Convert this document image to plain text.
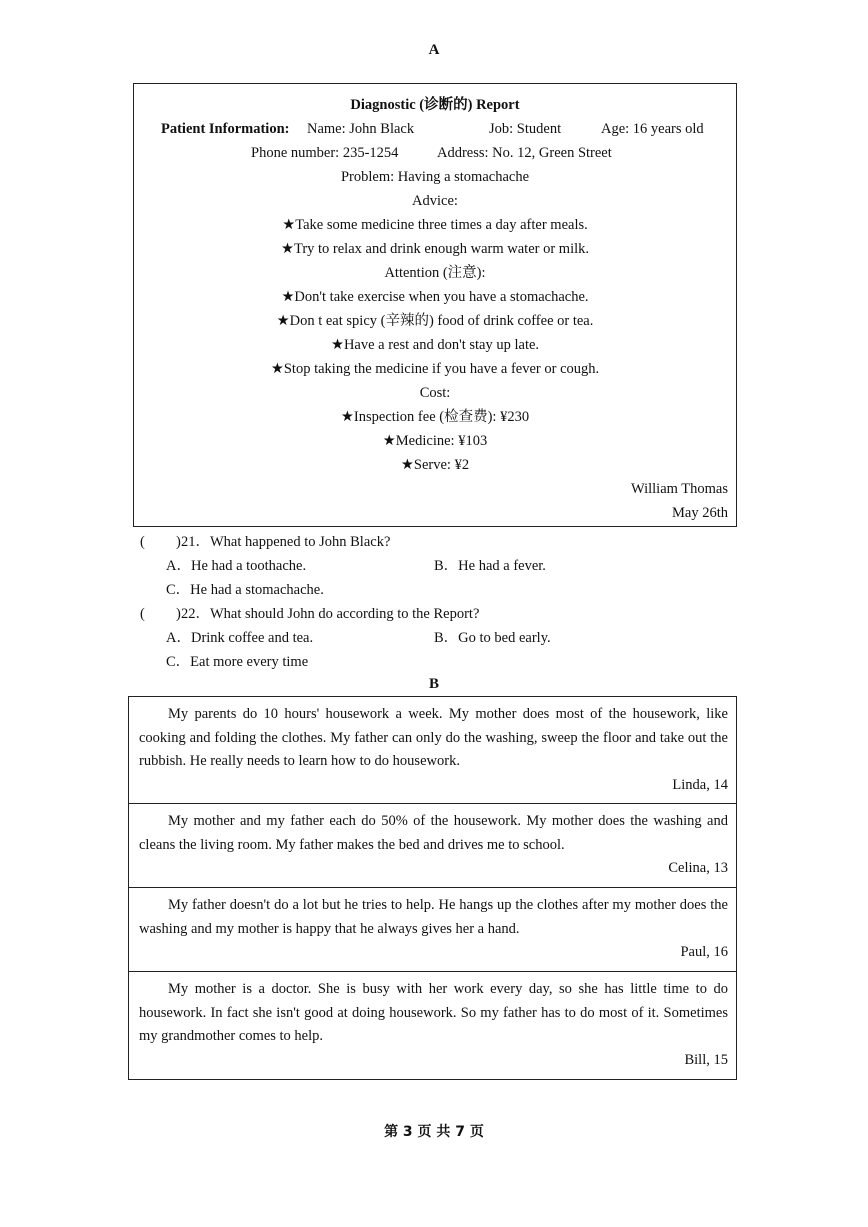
A
Diagnostic (诊断的) Report
Patient Information: Name: John Black	Job: Student	Age: 16 years old
Phone number: 235-1254	Address: No. 12, Green Street
Problem: Having a stomachache
Advice:
★Take some medicine three times a day after meals.
★Try to relax and drink enough warm water or milk.
Attention (注意):
★Don't take exercise when you have a stomachache.
★Don t eat spicy (辛辣的) food of drink coffee or tea.
★Have a rest and don't stay up late.
★Stop taking the medicine if you have a fever or cough.
Cost:
★Inspection fee (检查费): ¥230
★Medicine: ¥103
★Serve: ¥2
William Thomas
May 26th
( ) 21．What happened to John Black?
A．He had a toothache.	B．He had a fever.
C．He had a stomachache.
( ) 22．What should John do according to the Report?
A．Drink coffee and tea.	B．Go to bed early.
C．Eat more every time
B

My parents do 10 hours' housework a week. My mother does most of the housework, like cooking and folding the clothes. My father can only do the washing, sweep the floor and take out the rubbish. He really needs to learn how to do housework.

Linda, 14

My mother and my father each do 50% of the housework. My mother does the washing and cleans the living room. My father makes the bed and drives me to school.

Celina, 13

My father doesn't do a lot but he tries to help. He hangs up the clothes after my mother does the washing and my mother is happy that he always gives her a hand.

Paul, 16

My mother is a doctor. She is busy with her work every day, so she has little time to do housework. In fact she isn't good at doing housework. So my father has to do most of it. Sometimes my grandmother comes to help.

Bill, 15

第 3 页 共 7 页
